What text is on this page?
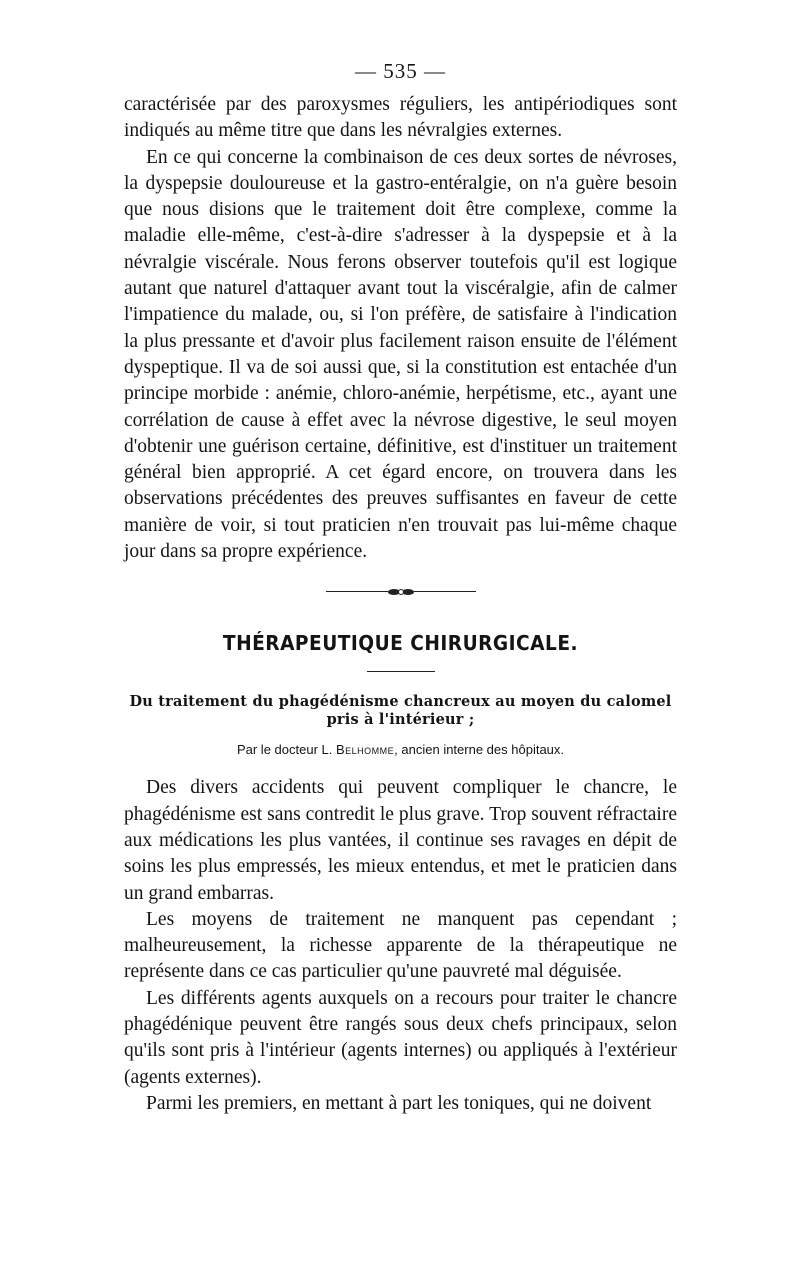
— 535 —

caractérisée par des paroxysmes réguliers, les antipériodiques sont indiqués au même titre que dans les névralgies externes.

En ce qui concerne la combinaison de ces deux sortes de névroses, la dyspepsie douloureuse et la gastro-entéralgie, on n'a guère besoin que nous disions que le traitement doit être complexe, comme la maladie elle-même, c'est-à-dire s'adresser à la dyspepsie et à la névralgie viscérale. Nous ferons observer toutefois qu'il est logique autant que naturel d'attaquer avant tout la viscéralgie, afin de calmer l'impatience du malade, ou, si l'on préfère, de satisfaire à l'indication la plus pressante et d'avoir plus facilement raison ensuite de l'élément dyspeptique. Il va de soi aussi que, si la constitution est entachée d'un principe morbide : anémie, chloro-anémie, herpétisme, etc., ayant une corrélation de cause à effet avec la névrose digestive, le seul moyen d'obtenir une guérison certaine, définitive, est d'instituer un traitement général bien approprié. A cet égard encore, on trouvera dans les observations précédentes des preuves suffisantes en faveur de cette manière de voir, si tout praticien n'en trouvait pas lui-même chaque jour dans sa propre expérience.

THÉRAPEUTIQUE CHIRURGICALE.
Du traitement du phagédénisme chancreux au moyen du calomel
pris à l'intérieur ;
Par le docteur L. Belhomme, ancien interne des hôpitaux.

Des divers accidents qui peuvent compliquer le chancre, le phagédénisme est sans contredit le plus grave. Trop souvent réfractaire aux médications les plus vantées, il continue ses ravages en dépit de soins les plus empressés, les mieux entendus, et met le praticien dans un grand embarras.

Les moyens de traitement ne manquent pas cependant ; malheureusement, la richesse apparente de la thérapeutique ne représente dans ce cas particulier qu'une pauvreté mal déguisée.

Les différents agents auxquels on a recours pour traiter le chancre phagédénique peuvent être rangés sous deux chefs principaux, selon qu'ils sont pris à l'intérieur (agents internes) ou appliqués à l'extérieur (agents externes).

Parmi les premiers, en mettant à part les toniques, qui ne doivent
